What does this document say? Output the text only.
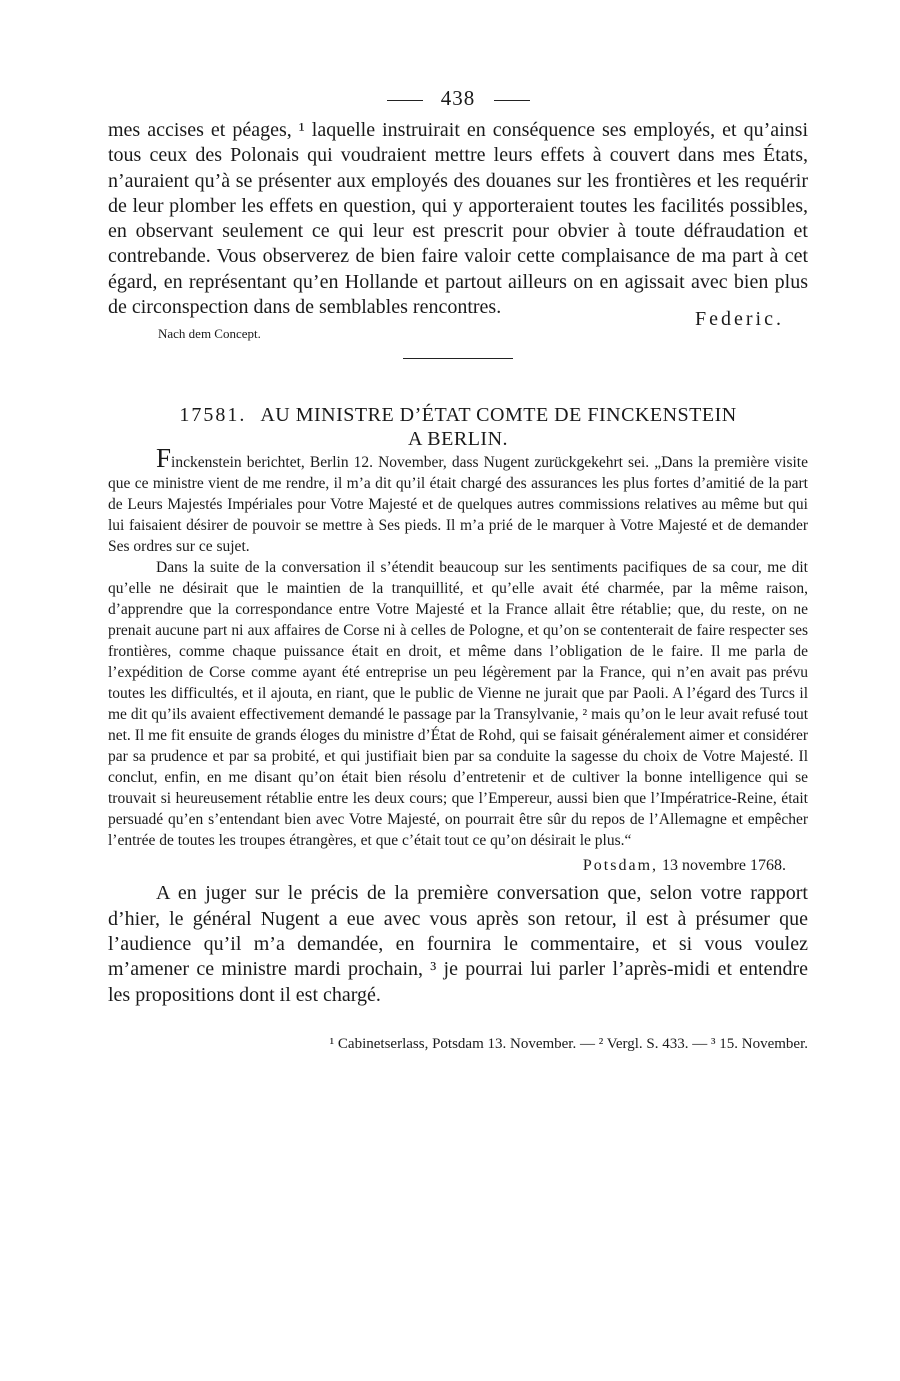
438

mes accises et péages, ¹ laquelle instruirait en conséquence ses employés, et qu’ainsi tous ceux des Polonais qui voudraient mettre leurs effets à couvert dans mes États, n’auraient qu’à se présenter aux employés des douanes sur les frontières et les requérir de leur plomber les effets en question, qui y apporteraient toutes les facilités possibles, en observant seulement ce qui leur est prescrit pour obvier à toute défraudation et contrebande. Vous observerez de bien faire valoir cette complaisance de ma part à cet égard, en représentant qu’en Hollande et partout ailleurs on en agissait avec bien plus de circonspection dans de semblables rencontres.

Nach dem Concept.
Federic.
17581. AU MINISTRE D’ÉTAT COMTE DE FINCKENSTEIN
A BERLIN.

Finckenstein berichtet, Berlin 12. November, dass Nugent zurückgekehrt sei. „Dans la première visite que ce ministre vient de me rendre, il m’a dit qu’il était chargé des assurances les plus fortes d’amitié de la part de Leurs Majestés Impériales pour Votre Majesté et de quelques autres commissions relatives au même but qui lui faisaient désirer de pouvoir se mettre à Ses pieds. Il m’a prié de le marquer à Votre Majesté et de demander Ses ordres sur ce sujet.

Dans la suite de la conversation il s’étendit beaucoup sur les sentiments pacifiques de sa cour, me dit qu’elle ne désirait que le maintien de la tranquillité, et qu’elle avait été charmée, par la même raison, d’apprendre que la correspondance entre Votre Majesté et la France allait être rétablie; que, du reste, on ne prenait aucune part ni aux affaires de Corse ni à celles de Pologne, et qu’on se contenterait de faire respecter ses frontières, comme chaque puissance était en droit, et même dans l’obligation de le faire. Il me parla de l’expédition de Corse comme ayant été entreprise un peu légèrement par la France, qui n’en avait pas prévu toutes les difficultés, et il ajouta, en riant, que le public de Vienne ne jurait que par Paoli. A l’égard des Turcs il me dit qu’ils avaient effectivement demandé le passage par la Transylvanie, ² mais qu’on le leur avait refusé tout net. Il me fit ensuite de grands éloges du ministre d’État de Rohd, qui se faisait généralement aimer et considérer par sa prudence et par sa probité, et qui justifiait bien par sa conduite la sagesse du choix de Votre Majesté. Il conclut, enfin, en me disant qu’on était bien résolu d’entretenir et de cultiver la bonne intelligence qui se trouvait si heureusement rétablie entre les deux cours; que l’Empereur, aussi bien que l’Impératrice-Reine, était persuadé qu’en s’entendant bien avec Votre Majesté, on pourrait être sûr du repos de l’Allemagne et empêcher l’entrée de toutes les troupes étrangères, et que c’était tout ce qu’on désirait le plus.“

Potsdam, 13 novembre 1768.

A en juger sur le précis de la première conversation que, selon votre rapport d’hier, le général Nugent a eue avec vous après son retour, il est à présumer que l’audience qu’il m’a demandée, en fournira le commentaire, et si vous voulez m’amener ce ministre mardi prochain, ³ je pourrai lui parler l’après-midi et entendre les propositions dont il est chargé.

¹ Cabinetserlass, Potsdam 13. November. — ² Vergl. S. 433. — ³ 15. November.
